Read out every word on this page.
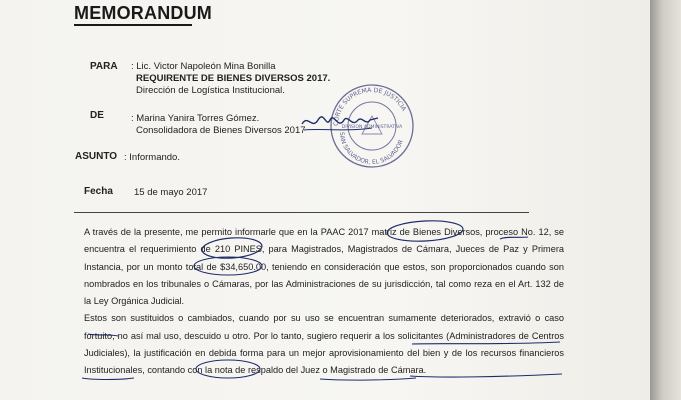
MEMORANDUM
PARA : Lic. Victor Napoleón Mina Bonilla
REQUIRENTE DE BIENES DIVERSOS 2017.
Dirección de Logística Institucional.
DE	: Marina Yanira Torres Gómez.
Consolidadora de Bienes Diversos 2017
ASUNTO : Informando.
Fecha 15 de mayo 2017
CORTE SUPREMA DE JUSTICIA
SAN SALVADOR, EL SALVADOR
DIVISION ADMINISTRATIVA

A través de la presente, me permito informarle que en la PAAC 2017 matriz de Bienes Diversos, proceso No. 12, se encuentra el requerimiento de 210 PINES, para Magistrados, Magistrados de Cámara, Jueces de Paz y Primera Instancia, por un monto total de $34,650.00, teniendo en consideración que estos, son proporcionados cuando son nombrados en los tribunales o Cámaras, por las Administraciones de su jurisdicción, tal como reza en el Art. 132 de la Ley Orgánica Judicial.

Estos son sustituidos o cambiados, cuando por su uso se encuentran sumamente deteriorados, extravió o caso fortuito, no así mal uso, descuido u otro. Por lo tanto, sugiero requerir a los solicitantes (Administradores de Centros Judiciales), la justificación en debida forma para un mejor aprovisionamiento del bien y de los recursos financieros Institucionales, contando con la nota de respaldo del Juez o Magistrado de Cámara.
